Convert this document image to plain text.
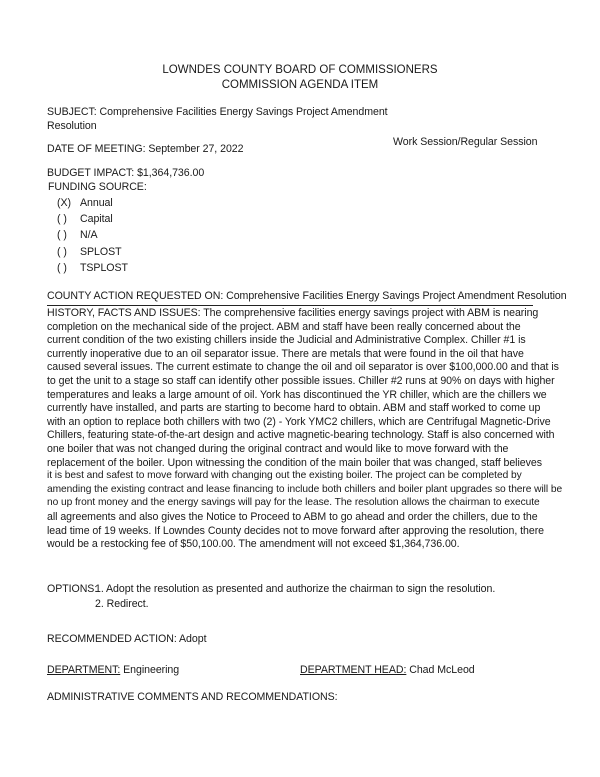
LOWNDES COUNTY BOARD OF COMMISSIONERS
COMMISSION AGENDA ITEM
SUBJECT: Comprehensive Facilities Energy Savings Project Amendment
Resolution
DATE OF MEETING: September 27, 2022
Work Session/Regular Session
BUDGET IMPACT: $1,364,736.00
FUNDING SOURCE:
(X) Annual
( ) Capital
( ) N/A
( ) SPLOST
( ) TSPLOST
COUNTY ACTION REQUESTED ON: Comprehensive Facilities Energy Savings Project Amendment Resolution
HISTORY, FACTS AND ISSUES: The comprehensive facilities energy savings project with ABM is nearing
completion on the mechanical side of the project. ABM and staff have been really concerned about the
current condition of the two existing chillers inside the Judicial and Administrative Complex. Chiller #1 is
currently inoperative due to an oil separator issue. There are metals that were found in the oil that have
caused several issues. The current estimate to change the oil and oil separator is over $100,000.00 and that is
to get the unit to a stage so staff can identify other possible issues. Chiller #2 runs at 90% on days with higher
temperatures and leaks a large amount of oil. York has discontinued the YR chiller, which are the chillers we
currently have installed, and parts are starting to become hard to obtain. ABM and staff worked to come up
with an option to replace both chillers with two (2) - York YMC2 chillers, which are Centrifugal Magnetic-Drive
Chillers, featuring state-of-the-art design and active magnetic-bearing technology. Staff is also concerned with
one boiler that was not changed during the original contract and would like to move forward with the
replacement of the boiler. Upon witnessing the condition of the main boiler that was changed, staff believes
it is best and safest to move forward with changing out the existing boiler. The project can be completed by
amending the existing contract and lease financing to include both chillers and boiler plant upgrades so there will be
no up front money and the energy savings will pay for the lease. The resolution allows the chairman to execute
all agreements and also gives the Notice to Proceed to ABM to go ahead and order the chillers, due to the
lead time of 19 weeks. If Lowndes County decides not to move forward after approving the resolution, there
would be a restocking fee of $50,100.00. The amendment will not exceed $1,364,736.00.
OPTIONS:
1. Adopt the resolution as presented and authorize the chairman to sign the resolution.
2. Redirect.
RECOMMENDED ACTION: Adopt
DEPARTMENT: Engineering	DEPARTMENT HEAD: Chad McLeod
ADMINISTRATIVE COMMENTS AND RECOMMENDATIONS:
